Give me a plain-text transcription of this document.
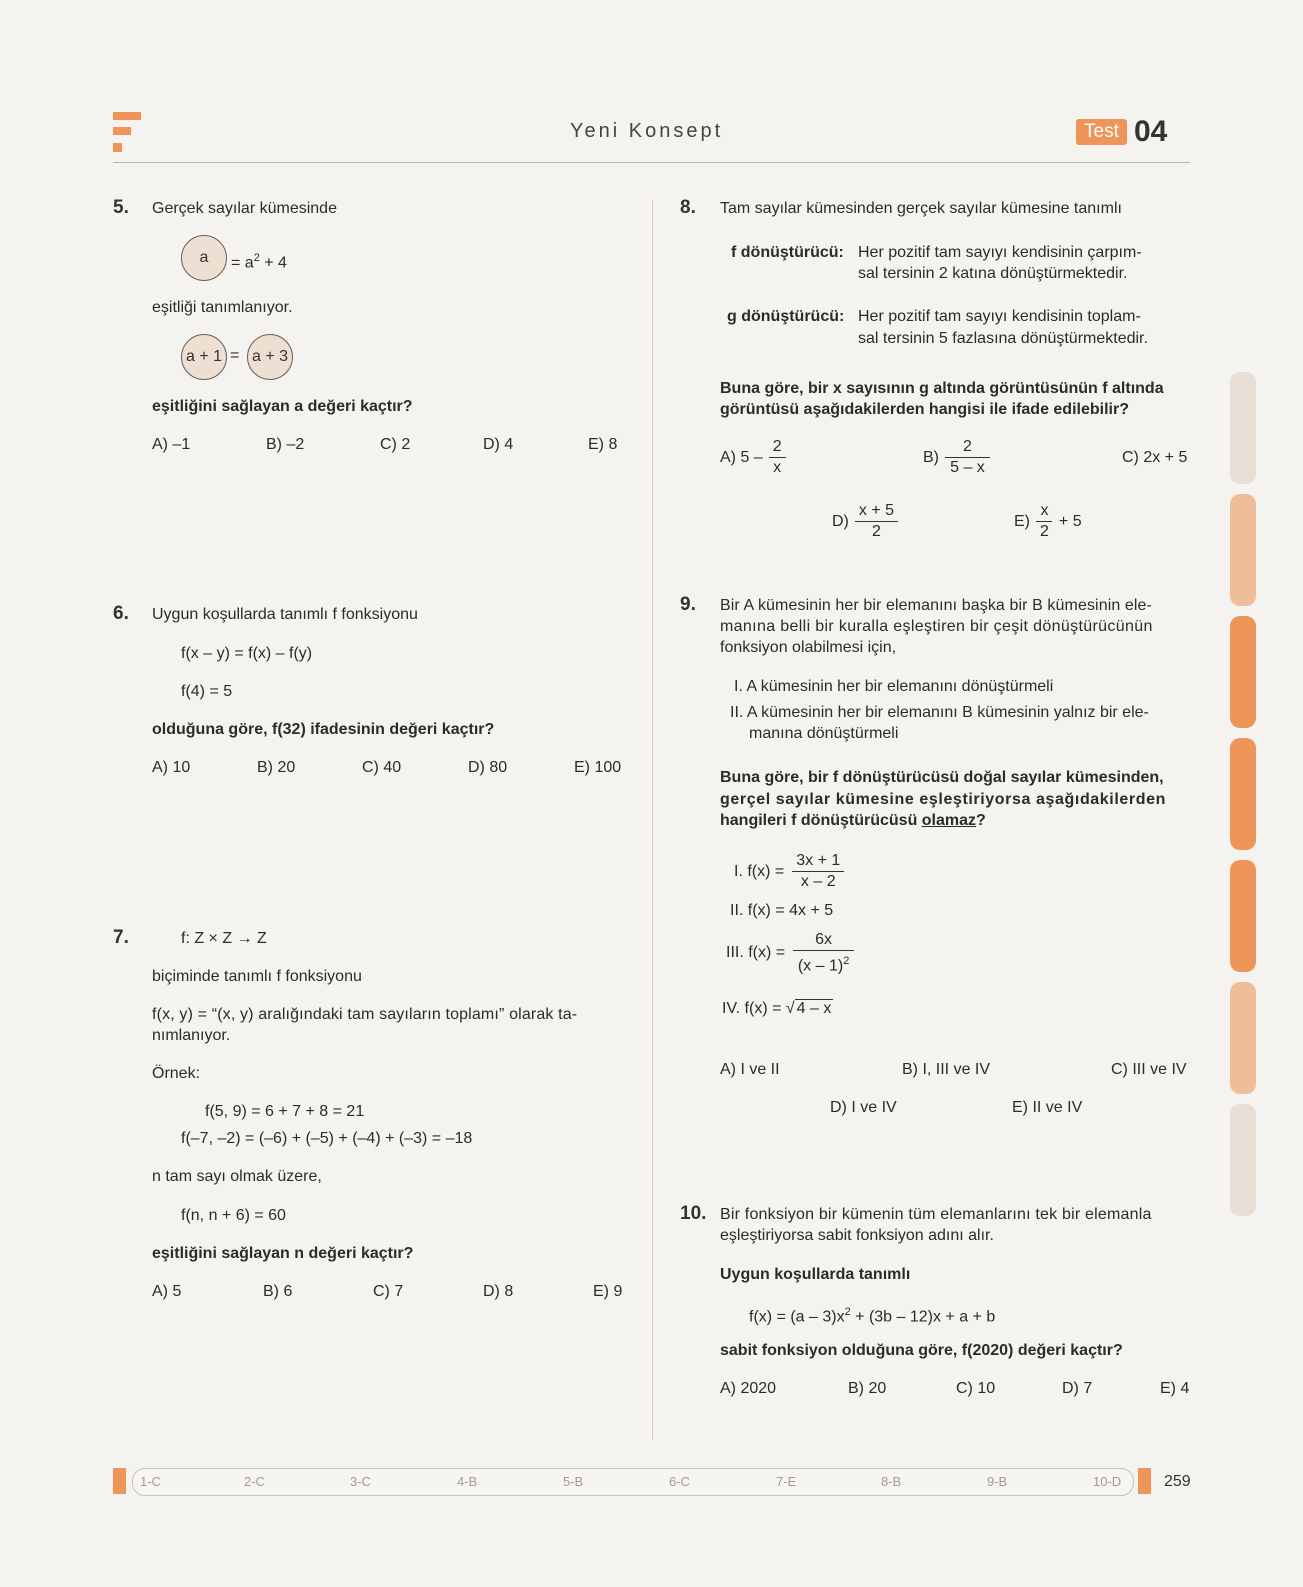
Yeni Konsept	Test 04
5. Gerçek sayılar kümesinde
$a = a^2 + 4$
eşitliği tanımlanıyor.
a + 1 = a + 3
eşitliğini sağlayan a değeri kaçtır?
A) –1	B) –2	C) 2	D) 4	E) 8
6. Uygun koşullarda tanımlı f fonksiyonu
f(x – y) = f(x) – f(y)
f(4) = 5
olduğuna göre, f(32) ifadesinin değeri kaçtır?
A) 10	B) 20	C) 40	D) 80	E) 100
7.	f: Z × Z → Z
biçiminde tanımlı f fonksiyonu
f(x, y) = “(x, y) aralığındaki tam sayıların toplamı” olarak ta-
nımlanıyor.
Örnek:
f(5, 9) = 6 + 7 + 8 = 21
f(–7, –2) = (–6) + (–5) + (–4) + (–3) = –18
n tam sayı olmak üzere,
f(n, n + 6) = 60
eşitliğini sağlayan n değeri kaçtır?
A) 5	B) 6	C) 7	D) 8	E) 9
8. Tam sayılar kümesinden gerçek sayılar kümesine tanımlı
f dönüştürücü: Her pozitif tam sayıyı kendisinin çarpım-
sal tersinin 2 katına dönüştürmektedir.
g dönüştürücü: Her pozitif tam sayıyı kendisinin toplam-
sal tersinin 5 fazlasına dönüştürmektedir.
Buna göre, bir x sayısının g altında görüntüsünün f altında
görüntüsü aşağıdakilerden hangisi ile ifade edilebilir?
A) $5 - \frac{2}{x}$	$B) \frac{2}{5 - x}$	C) 2x + 5
$D) \frac{x + 5}{2}$	$E) \frac{x}{2} + 5$
9. Bir A kümesinin her bir elemanını başka bir B kümesinin ele-
manına belli bir kuralla eşleştiren bir çeşit dönüştürücünün
fonksiyon olabilmesi için,
I. A kümesinin her bir elemanını dönüştürmeli
II. A kümesinin her bir elemanını B kümesinin yalnız bir ele-
manına dönüştürmeli
Buna göre, bir f dönüştürücüsü doğal sayılar kümesinden,
gerçel sayılar kümesine eşleştiriyorsa aşağıdakilerden
hangileri f dönüştürücüsü olamaz?
I. $f(x) = \frac{3x + 1}{x - 2}$
II. f(x) = 4x + 5
III. $f(x) = \frac{6x}{(x - 1)^2}$
IV. f(x) = √ 4 – x
A) I ve II	B) I, III ve IV	C) III ve IV
D) I ve IV	E) II ve IV
10. Bir fonksiyon bir kümenin tüm elemanlarını tek bir elemanla
eşleştiriyorsa sabit fonksiyon adını alır.
Uygun koşullarda tanımlı
$f(x) = (a - 3)x^2 + (3b - 12)x + a + b$
sabit fonksiyon olduğuna göre, f(2020) değeri kaçtır?
A) 2020	B) 20	C) 10	D) 7	E) 4
1-C	2-C	3-C	4-B	5-B	6-C	7-E	8-B	9-B	10-D	259
